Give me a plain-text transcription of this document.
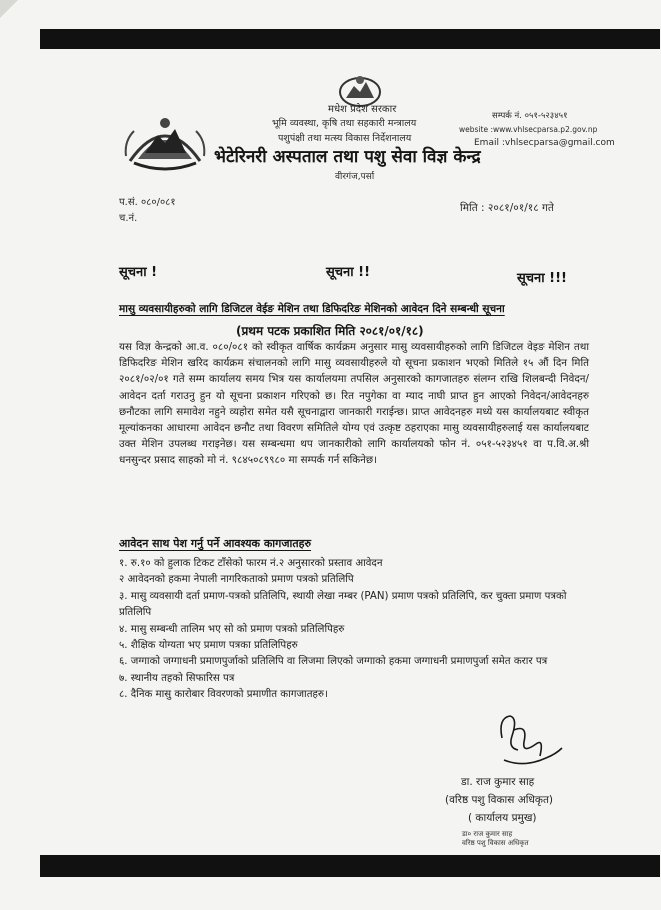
मधेश प्रदेश सरकार
भूमि व्यवस्था, कृषि तथा सहकारी मन्त्रालय
पशुपंक्षी तथा मत्स्य विकास निर्देशनालय
भेटेरिनरी अस्पताल तथा पशु सेवा विज्ञ केन्द्र
वीरगंज,पर्सा
सम्पर्क नं. ०५१-५२३४५१
website :www.vhlsecparsa.p2.gov.np
Email :vhlsecparsa@gmail.com
प.सं. ०८०/०८१
च.नं.
मिति : २०८१/०१/१८ गते
सूचना !	सूचना !!	सूचना !!!
मासु व्यवसायीहरुको लागि डिजिटल वेईङ मेशिन तथा डिफिदरिङ मेशिनको आवेदन दिने सम्बन्धी सूचना
(प्रथम पटक प्रकाशित मिति २०८१/०१/१८)
यस विज्ञ केन्द्रको आ.व. ०८०/०८१ को स्वीकृत वार्षिक कार्यक्रम अनुसार मासु व्यवसायीहरुको लागि डिजिटल वेइङ मेशिन तथा डिफिदरिङ मेशिन खरिद कार्यक्रम संचालनको लागि मासु व्यवसायीहरुले यो सूचना प्रकाशन भएको मितिले १५ औं दिन मिति २०८१/०२/०१ गते सम्म कार्यालय समय भित्र यस कार्यालयमा तपसिल अनुसारको कागजातहरु संलग्न राखि शिलबन्दी निवेदन/आवेदन दर्ता गराउनु हुन यो सूचना प्रकाशन गरिएको छ। रित नपुगेका वा म्याद नाघी प्राप्त हुन आएको निवेदन/आवेदनहरु छनौटका लागि समावेश नहुने व्यहोरा समेत यसै सूचनाद्वारा जानकारी गराईन्छ। प्राप्त आवेदनहरु मध्ये यस कार्यालयबाट स्वीकृत मूल्यांकनका आधारमा आवेदन छनौट तथा विवरण समितिले योग्य एवं उत्कृष्ट ठहराएका मासु व्यवसायीहरुलाई यस कार्यालयबाट उक्त मेशिन उपलब्ध गराइनेछ। यस सम्बन्धमा थप जानकारीको लागि कार्यालयको फोन नं. ०५१-५२३४५१ वा प.वि.अ.श्री धनसुन्दर प्रसाद साहको मो नं. ९८४५०८९९८० मा सम्पर्क गर्न सकिनेछ।
आवेदन साथ पेश गर्नु पर्ने आवश्यक कागजातहरु

१. रु.१० को हुलाक टिकट टाँसेको फारम नं.२ अनुसारको प्रस्ताव आवेदन

२ आवेदनको हकमा नेपाली नागरिकताको प्रमाण पत्रको प्रतिलिपि

३. मासु व्यवसायी दर्ता प्रमाण-पत्रको प्रतिलिपि, स्थायी लेखा नम्बर (PAN) प्रमाण पत्रको प्रतिलिपि, कर चुक्ता प्रमाण पत्रको प्रतिलिपि

४. मासु सम्बन्धी तालिम भए सो को प्रमाण पत्रको प्रतिलिपिहरु

५. शैक्षिक योग्यता भए प्रमाण पत्रका प्रतिलिपिहरु

६. जग्गाको जग्गाधनी प्रमाणपुर्जाको प्रतिलिपि वा लिजमा लिएको जग्गाको हकमा जग्गाधनी प्रमाणपुर्जा समेत करार पत्र

७. स्थानीय तहको सिफारिस पत्र

८. दैनिक मासु कारोबार विवरणको प्रमाणीत कागजातहरु।

डा. राज कुमार साह
(वरिष्ठ पशु विकास अधिकृत)
( कार्यालय प्रमुख)
डा० राज कुमार साह
वरिष्ठ पशु विकास अधिकृत
